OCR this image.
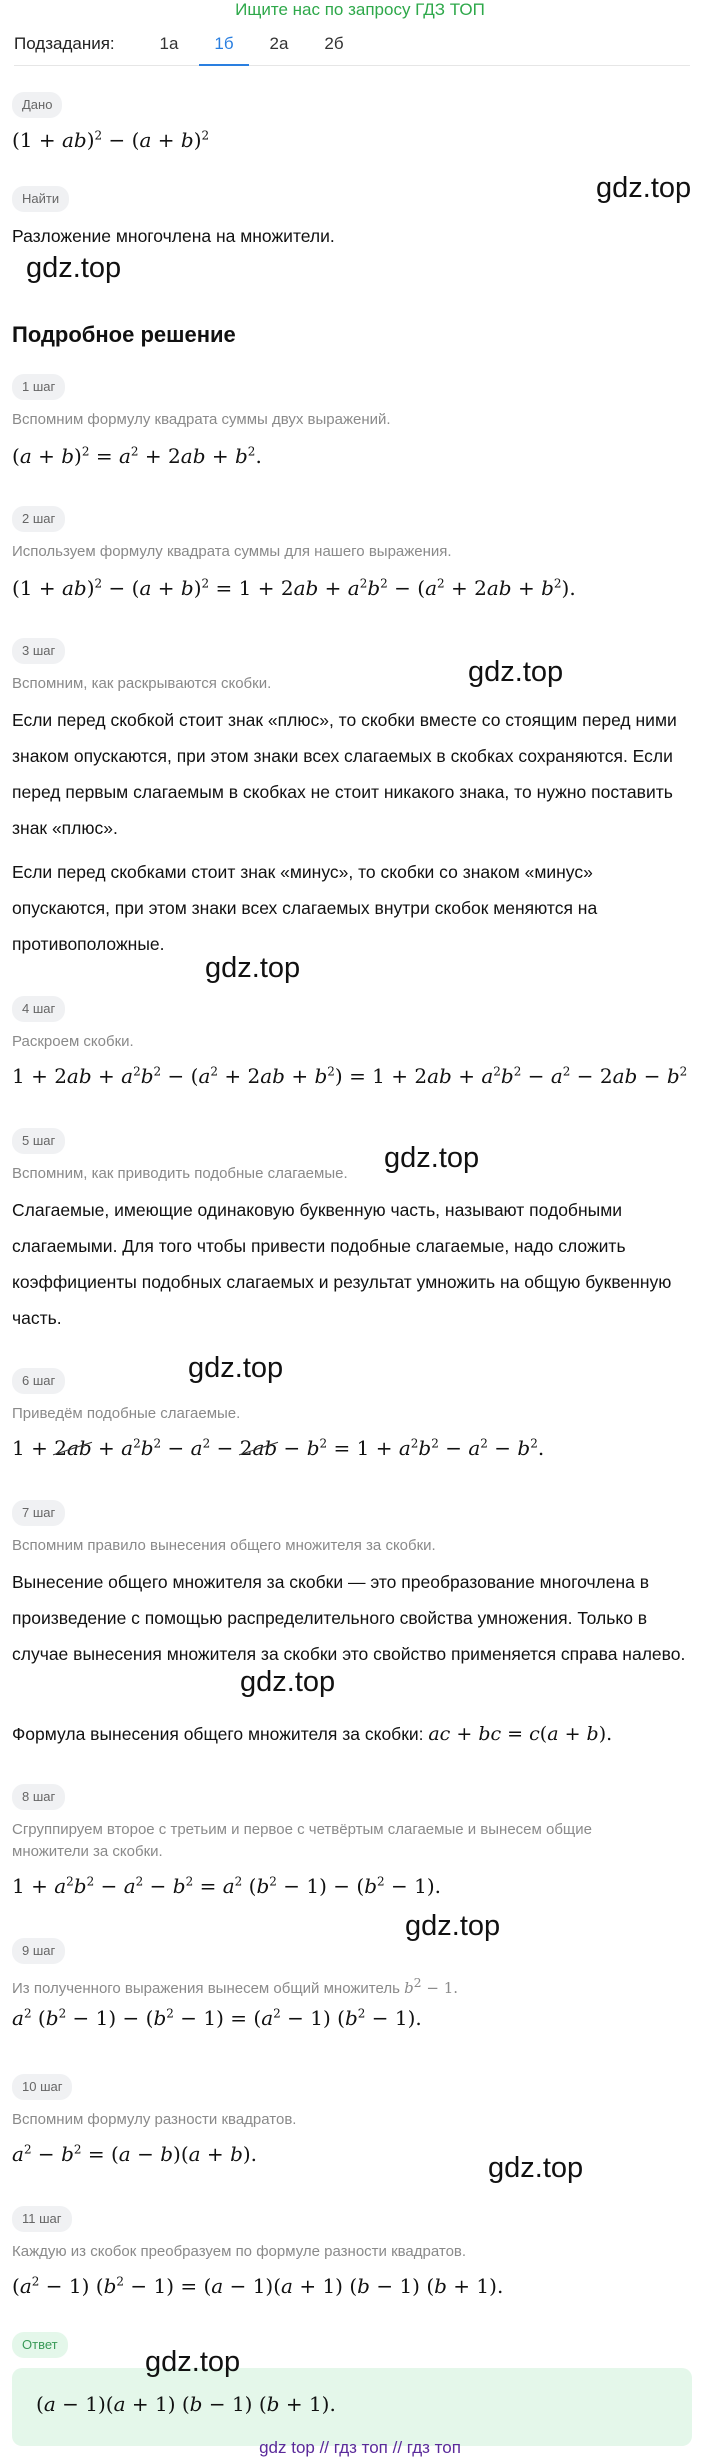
Ищите нас по запросу ГДЗ ТОП
Подзадания:	1а	1б	2а	2б
Дано
$(1 + ab)^2 - (a + b)^2$
Найти
Разложение многочлена на множители.
gdz.top
gdz.top
Подробное решение
1 шаг
Вспомним формулу квадрата суммы двух выражений.
$(a + b)^2 = a^2 + 2ab + b^2$.
2 шаг
Используем формулу квадрата суммы для нашего выражения.
$(1 + ab)^2 - (a + b)^2 = 1 + 2ab + a^2b^2 - (a^2 + 2ab + b^2)$.
3 шаг
Вспомним, как раскрываются скобки.	gdz.top
Если перед скобкой стоит знак «плюс», то скобки вместе со стоящим перед ними знаком опускаются, при этом знаки всех слагаемых в скобках сохраняются. Если перед первым слагаемым в скобках не стоит никакого знака, то нужно поставить знак «плюс».
Если перед скобками стоит знак «минус», то скобки со знаком «минус» опускаются, при этом знаки всех слагаемых внутри скобок меняются на противоположные.
gdz.top
4 шаг
Раскроем скобки.
$1 + 2ab + a^2b^2 - (a^2 + 2ab + b^2) = 1 + 2ab + a^2b^2 - a^2 - 2ab - b^2$
5 шаг
Вспомним, как приводить подобные слагаемые. gdz.top
Слагаемые, имеющие одинаковую буквенную часть, называют подобными слагаемыми. Для того чтобы привести подобные слагаемые, надо сложить коэффициенты подобных слагаемых и результат умножить на общую буквенную часть.
gdz.top
6 шаг
Приведём подобные слагаемые.
$1 + 2ab + a^2b^2 - a^2 - 2ab - b^2 = 1 + a^2b^2 - a^2 - b^2$.
7 шаг
Вспомним правило вынесения общего множителя за скобки.
Вынесение общего множителя за скобки — это преобразование многочлена в произведение с помощью распределительного свойства умножения. Только в случае вынесения множителя за скобки это свойство применяется справа налево.
gdz.top
Формула вынесения общего множителя за скобки: ac + bc = c(a + b).
8 шаг
Сгруппируем второе с третьим и первое с четвёртым слагаемые и вынесем общие
множители за скобки.
$1 + a^2b^2 - a^2 - b^2 = a^2$ $(b^2 - 1) - (b^2 - 1)$.
gdz.top
9 шаг
Из полученного выражения вынесем общий множитель $b^2 - 1$.
$a^2$ $(b^2 - 1) - (b^2 - 1) = (a^2 - 1) (b^2 - 1)$.
10 шаг
Вспомним формулу разности квадратов.
$a^2 - b^2 = (a - b)(a + b)$.	gdz.top
11 шаг
Каждую из скобок преобразуем по формуле разности квадратов.
$(a^2 - 1) (b^2 - 1) = (a - 1)(a + 1) (b - 1) (b + 1)$.
Ответ
gdz.top
(a − 1)(a + 1) (b − 1) (b + 1).
gdz top // гдз топ // гдз топ
